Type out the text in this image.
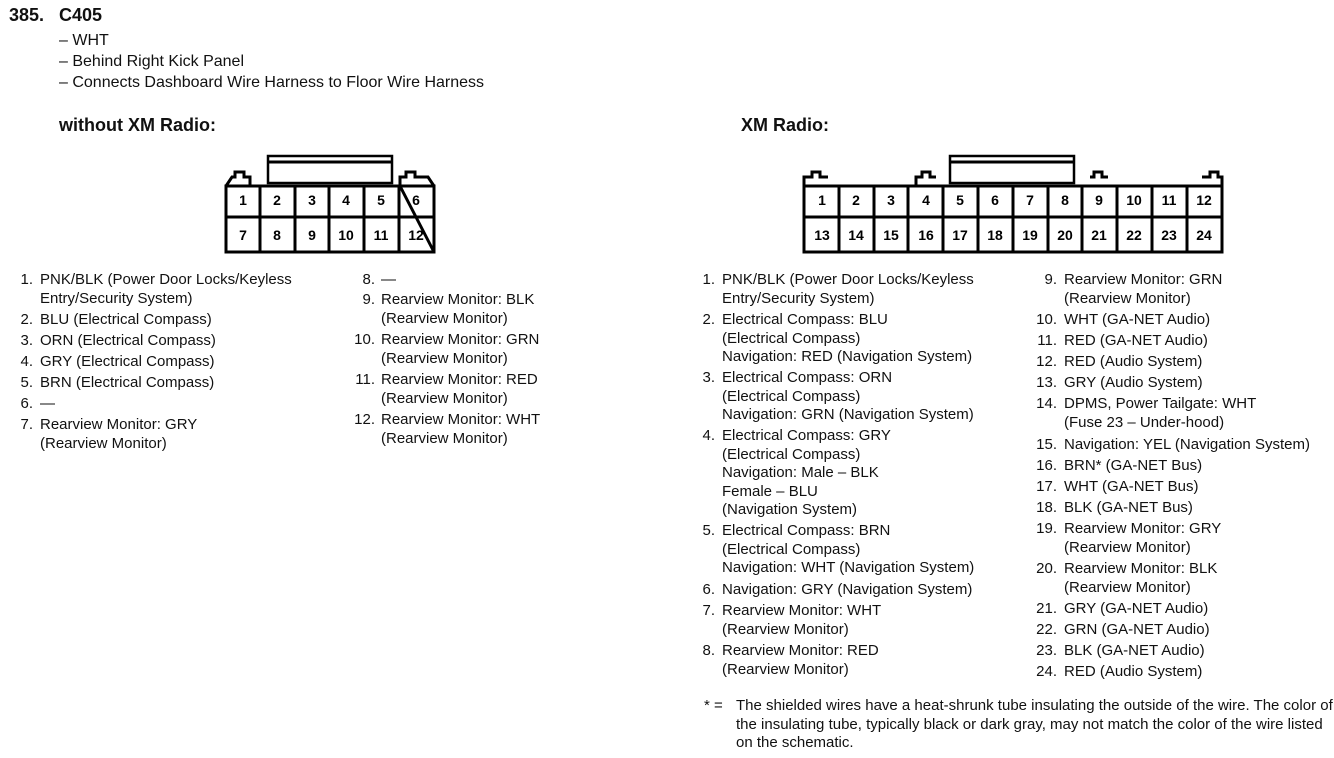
385. C405
– WHT
– Behind Right Kick Panel
– Connects Dashboard Wire Harness to Floor Wire Harness
without XM Radio:	XM Radio:
1 2 3 4 5 6
7 8 9 10 11 12
1 2 3 4 5 6 7 8 9 10 11 12
13 14 15 16 17 18 19 20 21 22 23 24
1. PNK/BLK (Power Door Locks/Keyless
Entry/Security System)
2. BLU (Electrical Compass)
3. ORN (Electrical Compass)
4. GRY (Electrical Compass)
5. BRN (Electrical Compass)
6. —
7. Rearview Monitor: GRY
(Rearview Monitor)
8. —
9. Rearview Monitor: BLK
(Rearview Monitor)
10. Rearview Monitor: GRN
(Rearview Monitor)
11. Rearview Monitor: RED
(Rearview Monitor)
12. Rearview Monitor: WHT
(Rearview Monitor)
1. PNK/BLK (Power Door Locks/Keyless
Entry/Security System)
2. Electrical Compass: BLU
(Electrical Compass)
Navigation: RED (Navigation System)
3. Electrical Compass: ORN
(Electrical Compass)
Navigation: GRN (Navigation System)
4. Electrical Compass: GRY
(Electrical Compass)
Navigation: Male – BLK
Female – BLU
(Navigation System)
5. Electrical Compass: BRN
(Electrical Compass)
Navigation: WHT (Navigation System)
6. Navigation: GRY (Navigation System)
7. Rearview Monitor: WHT
(Rearview Monitor)
8. Rearview Monitor: RED
(Rearview Monitor)
9. Rearview Monitor: GRN
(Rearview Monitor)
10. WHT (GA-NET Audio)
11. RED (GA-NET Audio)
12. RED (Audio System)
13. GRY (Audio System)
14. DPMS, Power Tailgate: WHT
(Fuse 23 – Under-hood)
15. Navigation: YEL (Navigation System)
16. BRN* (GA-NET Bus)
17. WHT (GA-NET Bus)
18. BLK (GA-NET Bus)
19. Rearview Monitor: GRY
(Rearview Monitor)
20. Rearview Monitor: BLK
(Rearview Monitor)
21. GRY (GA-NET Audio)
22. GRN (GA-NET Audio)
23. BLK (GA-NET Audio)
24. RED (Audio System)
* = The shielded wires have a heat-shrunk tube insulating the outside of the wire. The color of the insulating tube, typically black or dark gray, may not match the color of the wire listed on the schematic.
